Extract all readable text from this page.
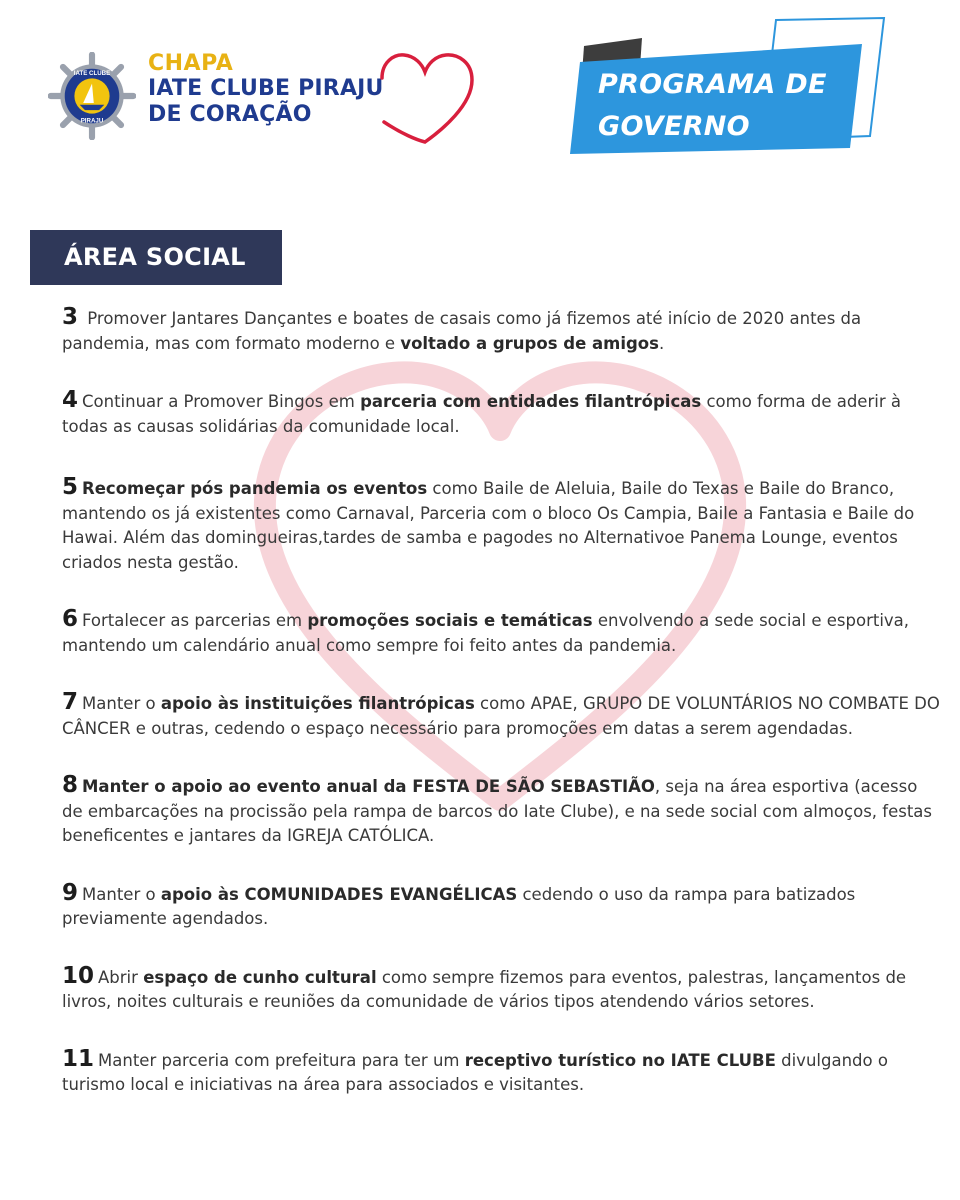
IATE CLUBE
PIRAJU
CHAPA
IATE CLUBE PIRAJU
DE CORAÇÃO
PROGRAMA DE
GOVERNO
ÁREA SOCIAL
3 Promover Jantares Dançantes e boates de casais como já fizemos até início de 2020 antes da pandemia, mas com formato moderno e voltado a grupos de amigos.
4 Continuar a Promover Bingos em parceria com entidades filantrópicas como forma de aderir à todas as causas solidárias da comunidade local.
5 Recomeçar pós pandemia os eventos como Baile de Aleluia, Baile do Texas e Baile do Branco, mantendo os já existentes como Carnaval, Parceria com o bloco Os Campia, Baile a Fantasia e Baile do Hawai. Além das domingueiras,tardes de samba e pagodes no Alternativoe Panema Lounge, eventos criados nesta gestão.
6 Fortalecer as parcerias em promoções sociais e temáticas envolvendo a sede social e esportiva, mantendo um calendário anual como sempre foi feito antes da pandemia.
7 Manter o apoio às instituições filantrópicas como APAE, GRUPO DE VOLUNTÁRIOS NO COMBATE DO CÂNCER e outras, cedendo o espaço necessário para promoções em datas a serem agendadas.
8 Manter o apoio ao evento anual da FESTA DE SÃO SEBASTIÃO, seja na área esportiva (acesso de embarcações na procissão pela rampa de barcos do Iate Clube), e na sede social com almoços, festas beneficentes e jantares da IGREJA CATÓLICA.
9 Manter o apoio às COMUNIDADES EVANGÉLICAS cedendo o uso da rampa para batizados previamente agendados.
10 Abrir espaço de cunho cultural como sempre fizemos para eventos, palestras, lançamentos de livros, noites culturais e reuniões da comunidade de vários tipos atendendo vários setores.
11 Manter parceria com prefeitura para ter um receptivo turístico no IATE CLUBE divulgando o turismo local e iniciativas na área para associados e visitantes.
